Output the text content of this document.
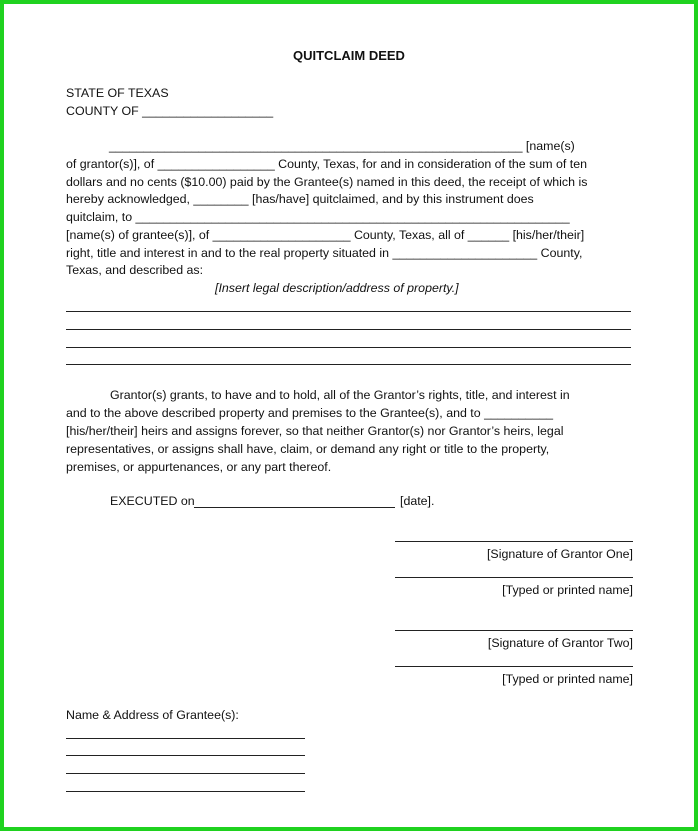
QUITCLAIM DEED
STATE OF TEXAS
COUNTY OF ___________________
____________________________________________________________ [name(s)
of grantor(s)], of _________________ County, Texas, for and in consideration of the sum of ten
dollars and no cents ($10.00) paid by the Grantee(s) named in this deed, the receipt of which is
hereby acknowledged, ________ [has/have] quitclaimed, and by this instrument does
quitclaim, to _______________________________________________________________
[name(s) of grantee(s)], of ____________________ County, Texas, all of ______ [his/her/their]
right, title and interest in and to the real property situated in _____________________ County,
Texas, and described as:
[Insert legal description/address of property.]
Grantor(s) grants, to have and to hold, all of the Grantor’s rights, title, and interest in
and to the above described property and premises to the Grantee(s), and to __________
[his/her/their] heirs and assigns forever, so that neither Grantor(s) nor Grantor’s heirs, legal
representatives, or assigns shall have, claim, or demand any right or title to the property,
premises, or appurtenances, or any part thereof.
EXECUTED on	[date].
[Signature of Grantor One]
[Typed or printed name]
[Signature of Grantor Two]
[Typed or printed name]
Name & Address of Grantee(s):
